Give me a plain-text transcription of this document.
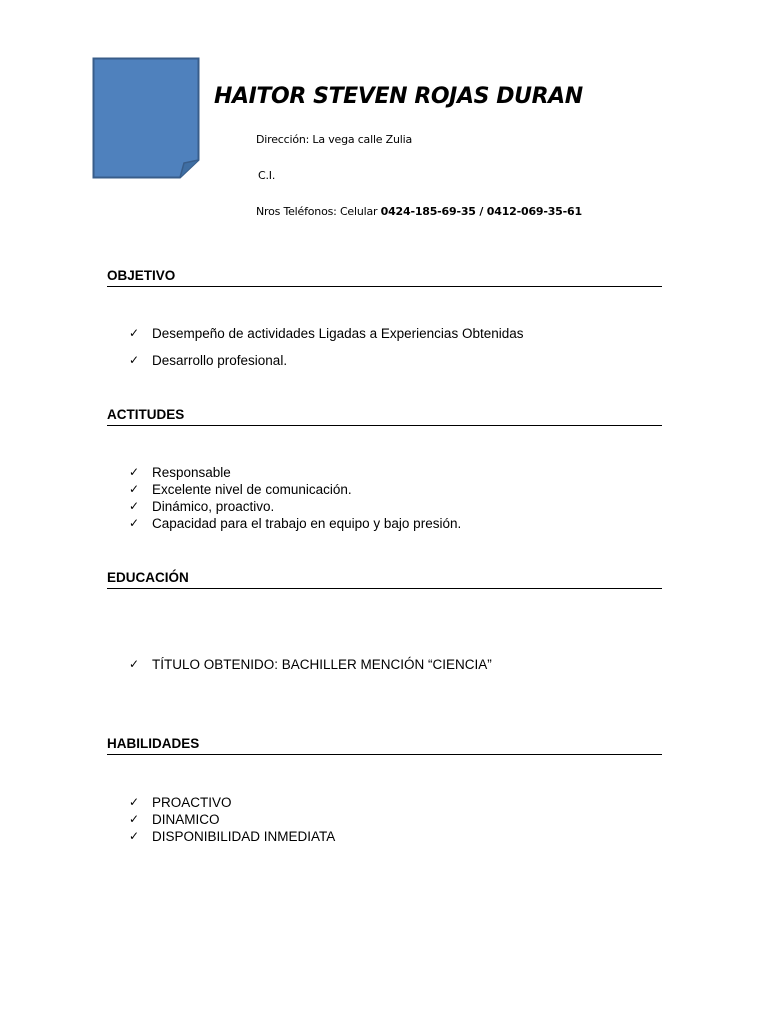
HAITOR STEVEN ROJAS DURAN
Dirección: La vega calle Zulia
C.I.
Nros Teléfonos: Celular 0424-185-69-35 / 0412-069-35-61
OBJETIVO
✓ Desempeño de actividades Ligadas a Experiencias Obtenidas
✓ Desarrollo profesional.
ACTITUDES
✓ Responsable
✓ Excelente nivel de comunicación.
✓ Dinámico, proactivo.
✓ Capacidad para el trabajo en equipo y bajo presión.
EDUCACIÓN
✓ TÍTULO OBTENIDO: BACHILLER MENCIÓN “CIENCIA”
HABILIDADES
✓ PROACTIVO
✓ DINAMICO
✓ DISPONIBILIDAD INMEDIATA
